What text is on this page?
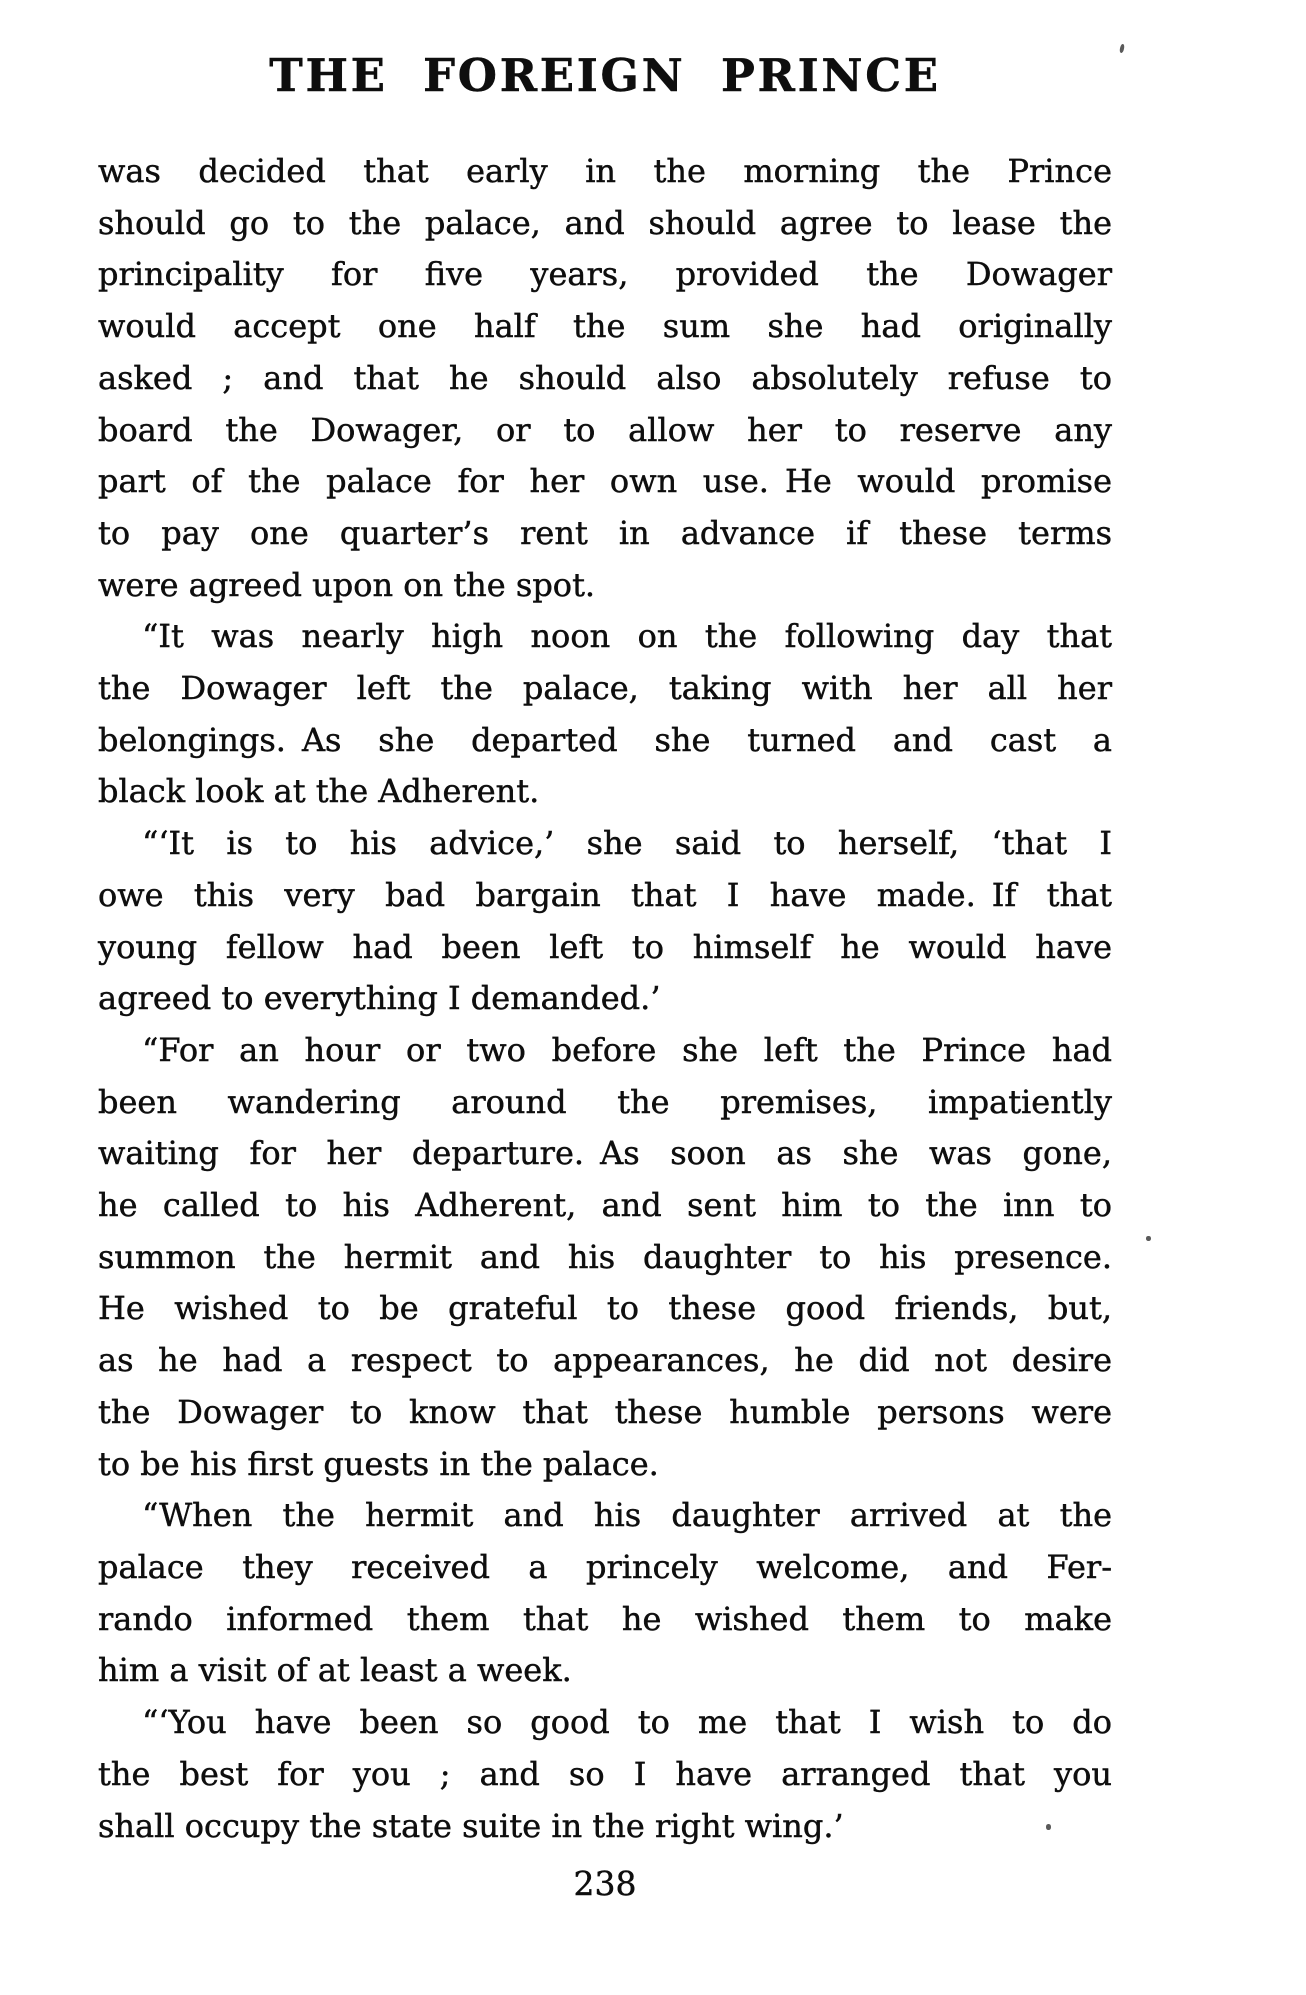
THE FOREIGN PRINCE
was decided that early in the morning the Prince
should go to the palace, and should agree to lease the
principality for five years, provided the Dowager
would accept one half the sum she had originally
asked ; and that he should also absolutely refuse to
board the Dowager, or to allow her to reserve any
part of the palace for her own use. He would promise
to pay one quarter’s rent in advance if these terms
were agreed upon on the spot.
“It was nearly high noon on the following day that
the Dowager left the palace, taking with her all her
belongings. As she departed she turned and cast a
black look at the Adherent.
“‘It is to his advice,’ she said to herself, ‘that I
owe this very bad bargain that I have made. If that
young fellow had been left to himself he would have
agreed to everything I demanded.’
“For an hour or two before she left the Prince had
been wandering around the premises, impatiently
waiting for her departure. As soon as she was gone,
he called to his Adherent, and sent him to the inn to
summon the hermit and his daughter to his presence.
He wished to be grateful to these good friends, but,
as he had a respect to appearances, he did not desire
the Dowager to know that these humble persons were
to be his first guests in the palace.
“When the hermit and his daughter arrived at the
palace they received a princely welcome, and Fer-
rando informed them that he wished them to make
him a visit of at least a week.
“‘You have been so good to me that I wish to do
the best for you ; and so I have arranged that you
shall occupy the state suite in the right wing.’
238
